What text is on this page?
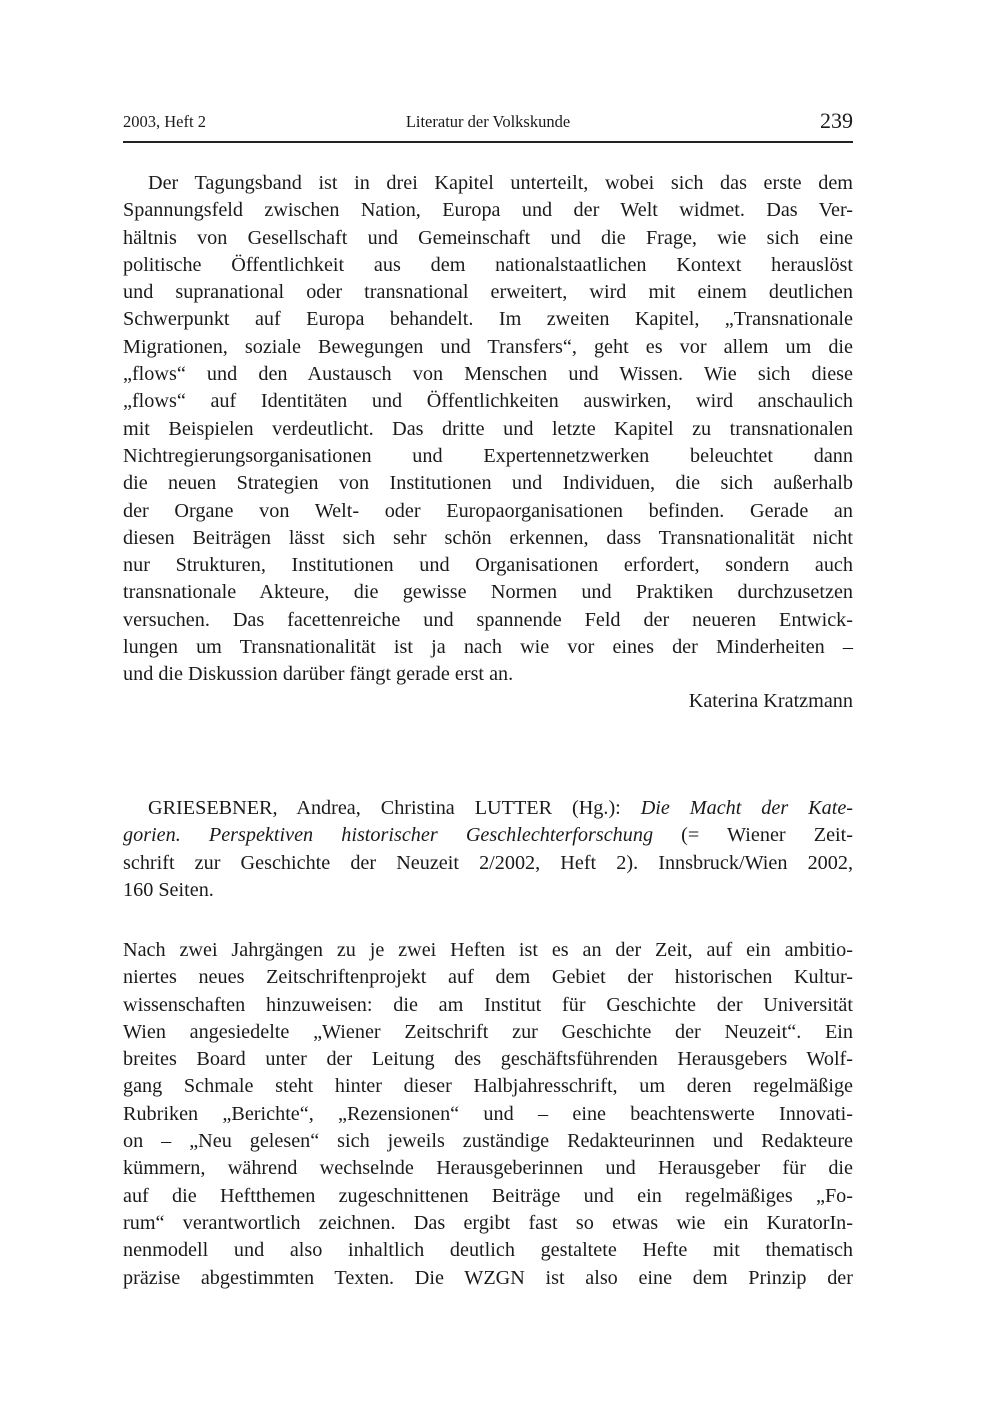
2003, Heft 2	Literatur der Volkskunde	239
Der Tagungsband ist in drei Kapitel unterteilt, wobei sich das erste dem
Spannungsfeld zwischen Nation, Europa und der Welt widmet. Das Ver-
hältnis von Gesellschaft und Gemeinschaft und die Frage, wie sich eine
politische Öffentlichkeit aus dem nationalstaatlichen Kontext herauslöst
und supranational oder transnational erweitert, wird mit einem deutlichen
Schwerpunkt auf Europa behandelt. Im zweiten Kapitel, „Transnationale
Migrationen, soziale Bewegungen und Transfers“, geht es vor allem um die
„flows“ und den Austausch von Menschen und Wissen. Wie sich diese
„flows“ auf Identitäten und Öffentlichkeiten auswirken, wird anschaulich
mit Beispielen verdeutlicht. Das dritte und letzte Kapitel zu transnationalen
Nichtregierungsorganisationen und Expertennetzwerken beleuchtet dann
die neuen Strategien von Institutionen und Individuen, die sich außerhalb
der Organe von Welt- oder Europaorganisationen befinden. Gerade an
diesen Beiträgen lässt sich sehr schön erkennen, dass Transnationalität nicht
nur Strukturen, Institutionen und Organisationen erfordert, sondern auch
transnationale Akteure, die gewisse Normen und Praktiken durchzusetzen
versuchen. Das facettenreiche und spannende Feld der neueren Entwick-
lungen um Transnationalität ist ja nach wie vor eines der Minderheiten –
und die Diskussion darüber fängt gerade erst an.
Katerina Kratzmann
GRIESEBNER, Andrea, Christina LUTTER (Hg.): Die Macht der Kate-
gorien. Perspektiven historischer Geschlechterforschung (= Wiener Zeit-
schrift zur Geschichte der Neuzeit 2/2002, Heft 2). Innsbruck/Wien 2002,
160 Seiten.
Nach zwei Jahrgängen zu je zwei Heften ist es an der Zeit, auf ein ambitio-
niertes neues Zeitschriftenprojekt auf dem Gebiet der historischen Kultur-
wissenschaften hinzuweisen: die am Institut für Geschichte der Universität
Wien angesiedelte „Wiener Zeitschrift zur Geschichte der Neuzeit“. Ein
breites Board unter der Leitung des geschäftsführenden Herausgebers Wolf-
gang Schmale steht hinter dieser Halbjahresschrift, um deren regelmäßige
Rubriken „Berichte“, „Rezensionen“ und – eine beachtenswerte Innovati-
on – „Neu gelesen“ sich jeweils zuständige Redakteurinnen und Redakteure
kümmern, während wechselnde Herausgeberinnen und Herausgeber für die
auf die Heftthemen zugeschnittenen Beiträge und ein regelmäßiges „Fo-
rum“ verantwortlich zeichnen. Das ergibt fast so etwas wie ein KuratorIn-
nenmodell und also inhaltlich deutlich gestaltete Hefte mit thematisch
präzise abgestimmten Texten. Die WZGN ist also eine dem Prinzip der
